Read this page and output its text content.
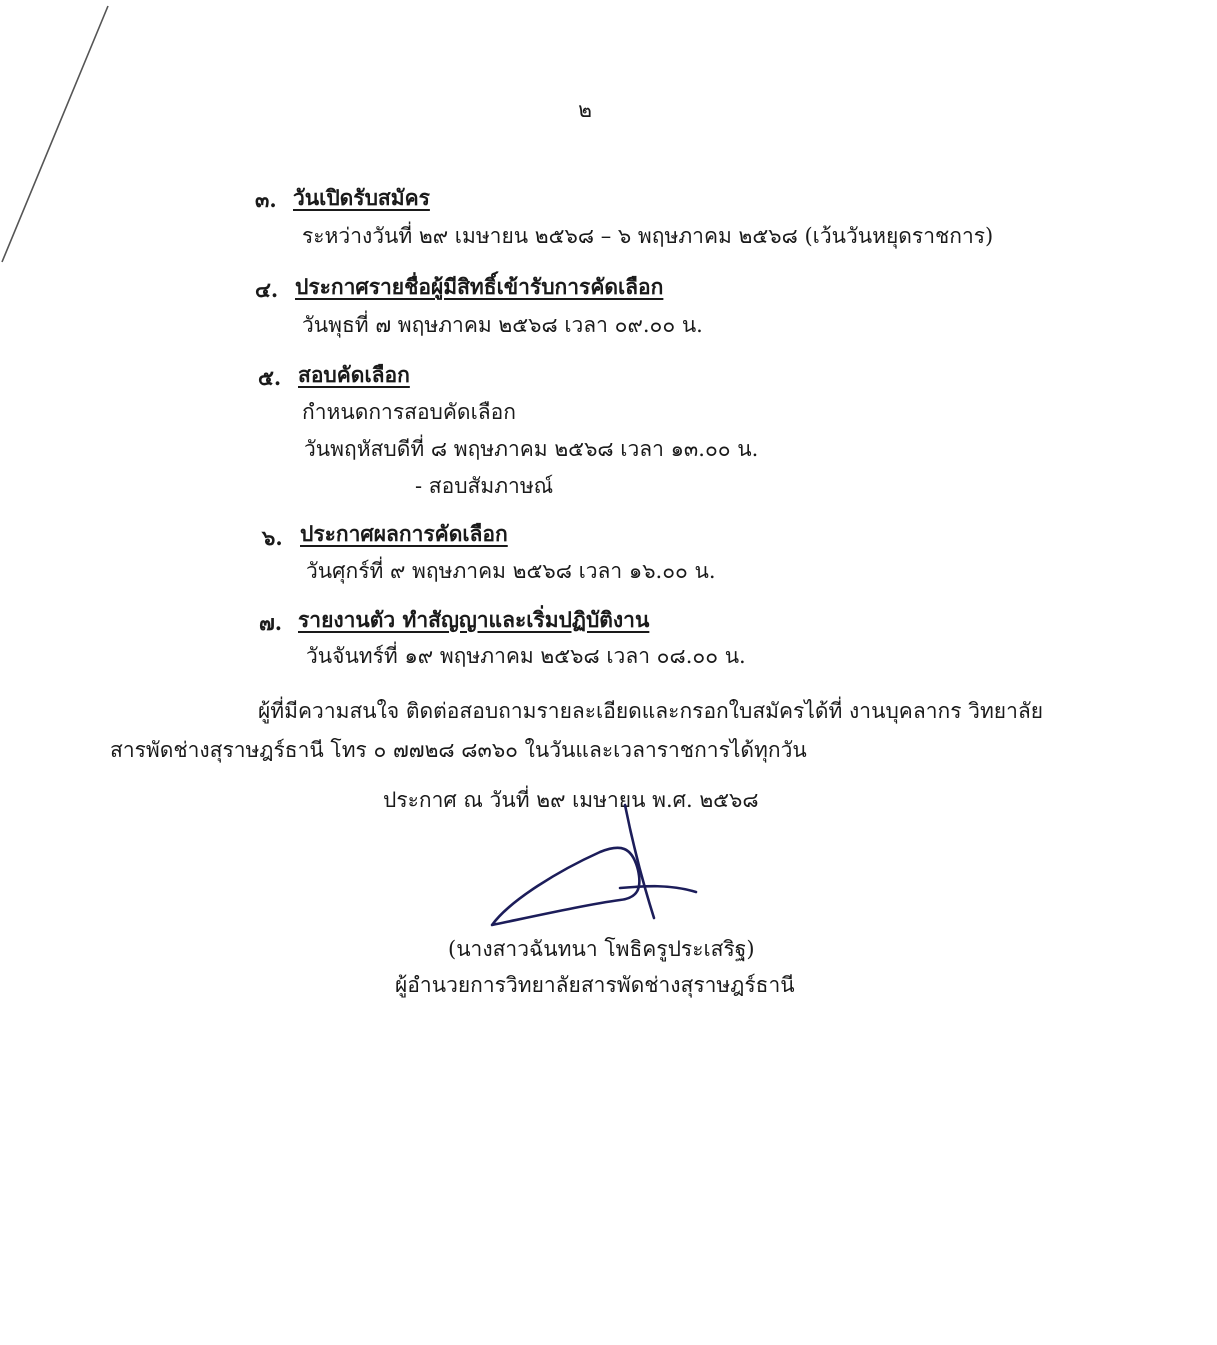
๒
๓. วันเปิดรับสมัคร
ระหว่างวันที่ ๒๙ เมษายน ๒๕๖๘ – ๖ พฤษภาคม ๒๕๖๘ (เว้นวันหยุดราชการ)
๔. ประกาศรายชื่อผู้มีสิทธิ์เข้ารับการคัดเลือก
วันพุธที่ ๗ พฤษภาคม ๒๕๖๘ เวลา ๐๙.๐๐ น.
๕. สอบคัดเลือก
กำหนดการสอบคัดเลือก
วันพฤหัสบดีที่ ๘ พฤษภาคม ๒๕๖๘ เวลา ๑๓.๐๐ น.
- สอบสัมภาษณ์
๖. ประกาศผลการคัดเลือก
วันศุกร์ที่ ๙ พฤษภาคม ๒๕๖๘ เวลา ๑๖.๐๐ น.
๗. รายงานตัว ทำสัญญาและเริ่มปฏิบัติงาน
วันจันทร์ที่ ๑๙ พฤษภาคม ๒๕๖๘ เวลา ๐๘.๐๐ น.
ผู้ที่มีความสนใจ ติดต่อสอบถามรายละเอียดและกรอกใบสมัครได้ที่ งานบุคลากร วิทยาลัย
สารพัดช่างสุราษฎร์ธานี โทร ๐ ๗๗๒๘ ๘๓๖๐ ในวันและเวลาราชการได้ทุกวัน
ประกาศ ณ วันที่ ๒๙ เมษายน พ.ศ. ๒๕๖๘
(นางสาวฉันทนา โพธิครูประเสริฐ)
ผู้อำนวยการวิทยาลัยสารพัดช่างสุราษฎร์ธานี
